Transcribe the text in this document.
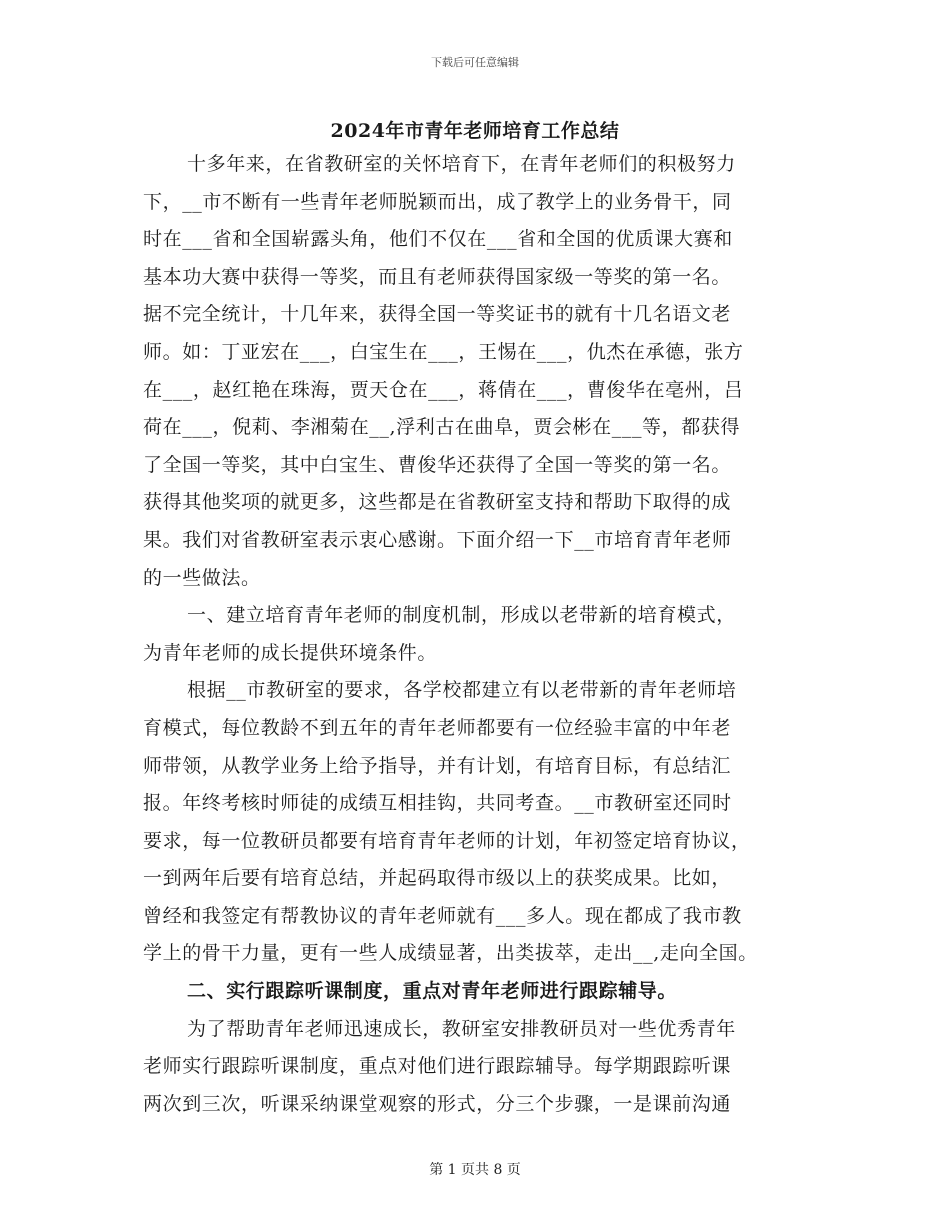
下载后可任意编辑
2024年市青年老师培育工作总结
十多年来，在省教研室的关怀培育下，在青年老师们的积极努力
下，__市不断有一些青年老师脱颖而出，成了教学上的业务骨干，同
时在___省和全国崭露头角，他们不仅在___省和全国的优质课大赛和
基本功大赛中获得一等奖，而且有老师获得国家级一等奖的第一名。
据不完全统计，十几年来，获得全国一等奖证书的就有十几名语文老
师。如：丁亚宏在___，白宝生在___，王惕在___，仇杰在承德，张方
在___，赵红艳在珠海，贾天仓在___，蒋倩在___，曹俊华在亳州，吕
荷在___，倪莉、李湘菊在__,浮利古在曲阜，贾会彬在___等，都获得
了全国一等奖，其中白宝生、曹俊华还获得了全国一等奖的第一名。
获得其他奖项的就更多，这些都是在省教研室支持和帮助下取得的成
果。我们对省教研室表示衷心感谢。下面介绍一下__市培育青年老师
的一些做法。
一、建立培育青年老师的制度机制，形成以老带新的培育模式，
为青年老师的成长提供环境条件。
根据__市教研室的要求，各学校都建立有以老带新的青年老师培
育模式，每位教龄不到五年的青年老师都要有一位经验丰富的中年老
师带领，从教学业务上给予指导，并有计划，有培育目标，有总结汇
报。年终考核时师徒的成绩互相挂钩，共同考查。__市教研室还同时
要求，每一位教研员都要有培育青年老师的计划，年初签定培育协议，
一到两年后要有培育总结，并起码取得市级以上的获奖成果。比如，
曾经和我签定有帮教协议的青年老师就有___多人。现在都成了我市教
学上的骨干力量，更有一些人成绩显著，出类拔萃，走出__,走向全国。
二、实行跟踪听课制度，重点对青年老师进行跟踪辅导。
为了帮助青年老师迅速成长，教研室安排教研员对一些优秀青年
老师实行跟踪听课制度，重点对他们进行跟踪辅导。每学期跟踪听课
两次到三次，听课采纳课堂观察的形式，分三个步骤，一是课前沟通
第 1 页共 8 页
